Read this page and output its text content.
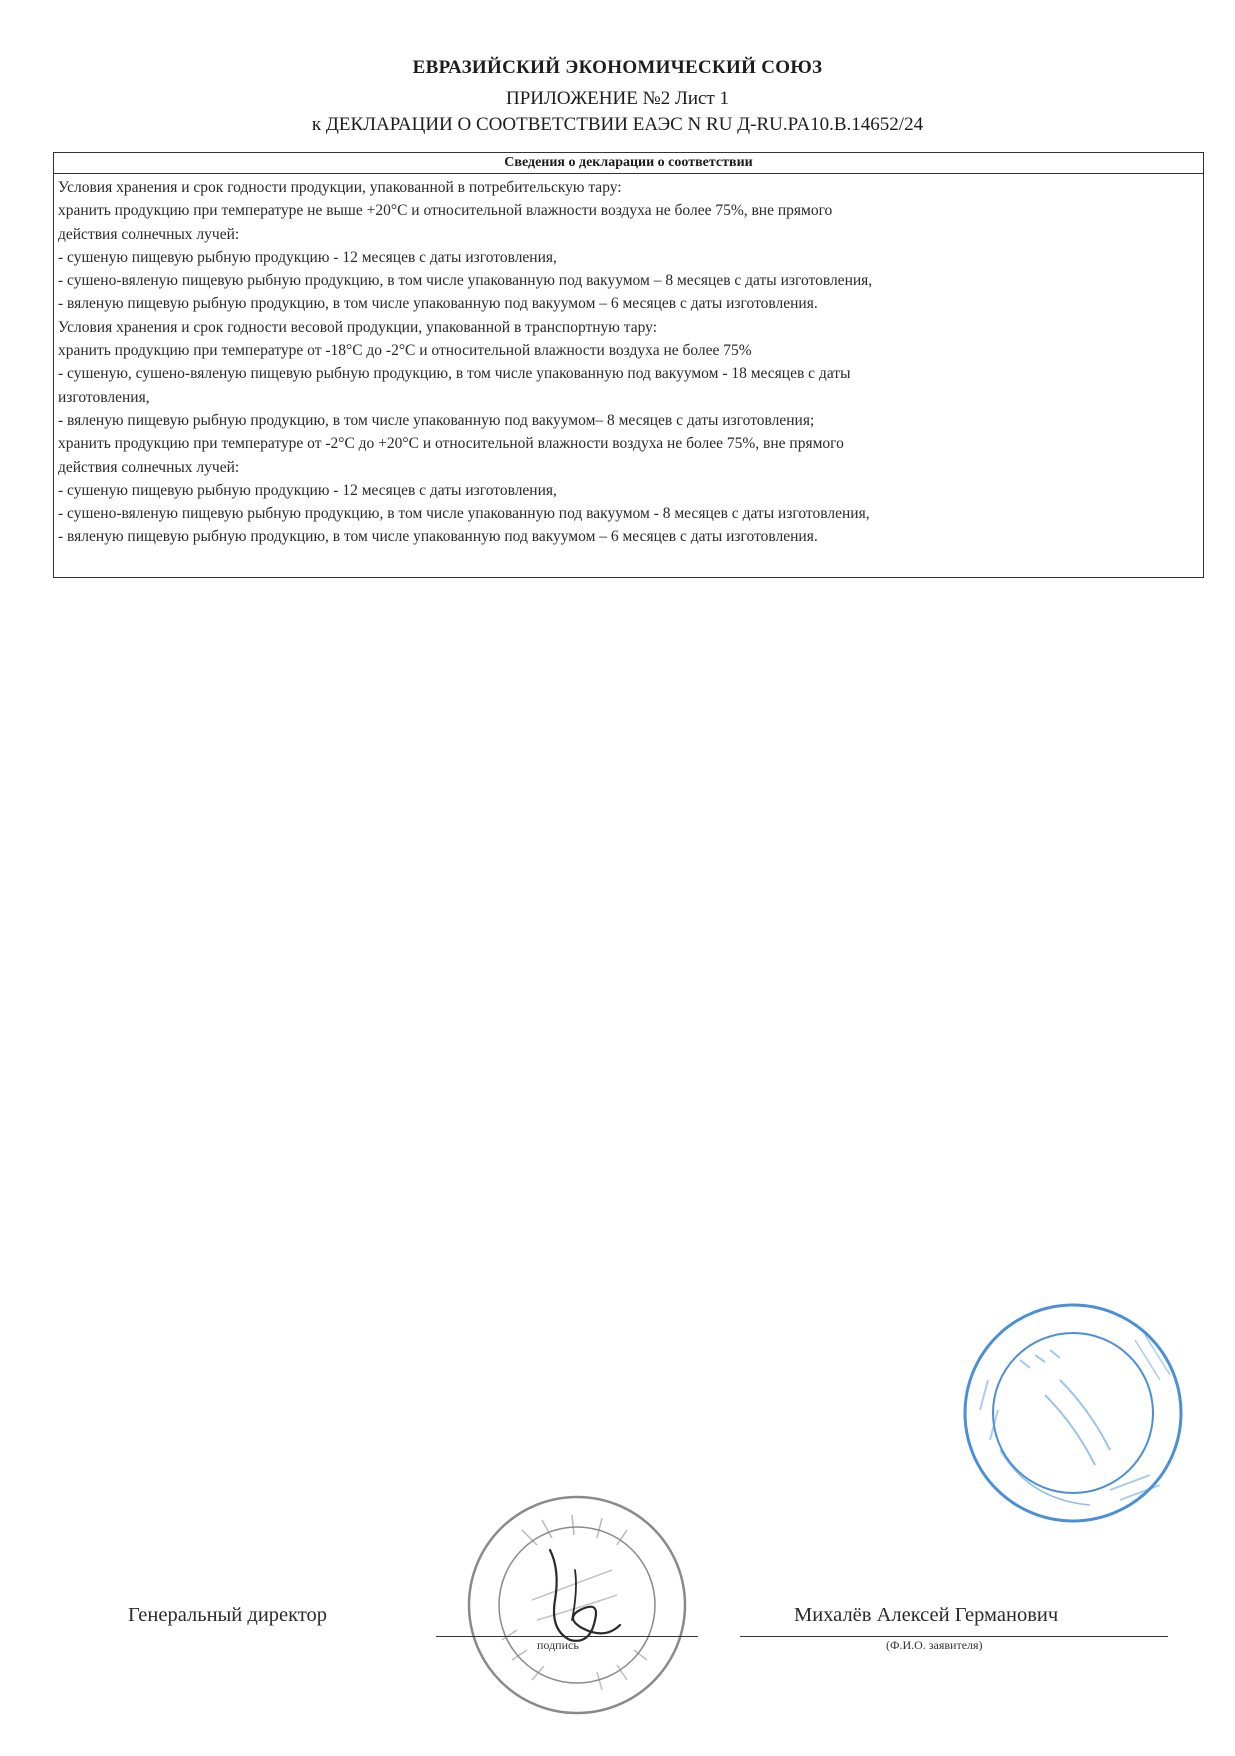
ЕВРАЗИЙСКИЙ ЭКОНОМИЧЕСКИЙ СОЮЗ
ПРИЛОЖЕНИЕ №2 Лист 1
к ДЕКЛАРАЦИИ О СООТВЕТСТВИИ ЕАЭС N RU Д-RU.PA10.B.14652/24
Сведения о декларации о соответствии
Условия хранения и срок годности продукции, упакованной в потребительскую тару:
хранить продукцию при температуре не выше +20°С и относительной влажности воздуха не более 75%, вне прямого
действия солнечных лучей:
- сушеную пищевую рыбную продукцию - 12 месяцев с даты изготовления,
- сушено-вяленую пищевую рыбную продукцию, в том числе упакованную под вакуумом – 8 месяцев с даты изготовления,
- вяленую пищевую рыбную продукцию, в том числе упакованную под вакуумом – 6 месяцев с даты изготовления.
Условия хранения и срок годности весовой продукции, упакованной в транспортную тару:
хранить продукцию при температуре от -18°С до -2°С и относительной влажности воздуха не более 75%
- сушеную, сушено-вяленую пищевую рыбную продукцию, в том числе упакованную под вакуумом - 18 месяцев с даты
изготовления,
- вяленую пищевую рыбную продукцию, в том числе упакованную под вакуумом– 8 месяцев с даты изготовления;
хранить продукцию при температуре от -2°С до +20°С и относительной влажности воздуха не более 75%, вне прямого
действия солнечных лучей:
- сушеную пищевую рыбную продукцию - 12 месяцев с даты изготовления,
- сушено-вяленую пищевую рыбную продукцию, в том числе упакованную под вакуумом - 8 месяцев с даты изготовления,
- вяленую пищевую рыбную продукцию, в том числе упакованную под вакуумом – 6 месяцев с даты изготовления.
Генеральный директор
подпись
Михалёв Алексей Германович
(Ф.И.О. заявителя)
